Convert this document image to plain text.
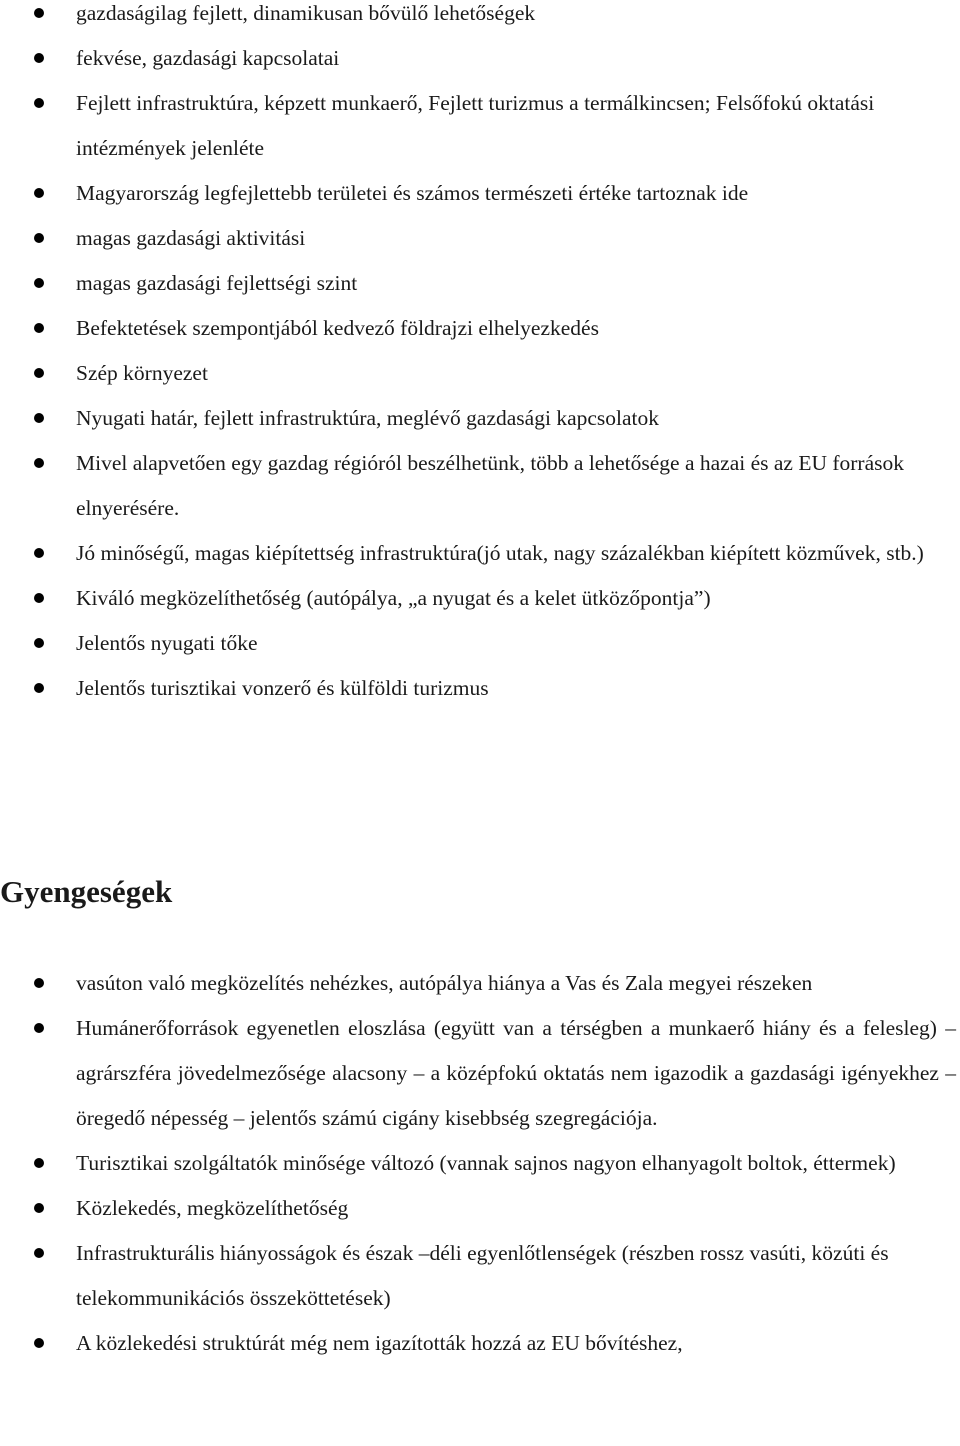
gazdaságilag fejlett, dinamikusan bővülő lehetőségek
fekvése, gazdasági kapcsolatai
Fejlett infrastruktúra, képzett munkaerő, Fejlett turizmus a termálkincsen; Felsőfokú oktatási intézmények jelenléte
Magyarország legfejlettebb területei és számos természeti értéke tartoznak ide
magas gazdasági aktivitási
magas gazdasági fejlettségi szint
Befektetések szempontjából kedvező földrajzi elhelyezkedés
Szép környezet
Nyugati határ, fejlett infrastruktúra, meglévő gazdasági kapcsolatok
Mivel alapvetően egy gazdag régióról beszélhetünk, több a lehetősége a hazai és az EU források elnyerésére.
Jó minőségű, magas kiépítettség infrastruktúra(jó utak, nagy százalékban kiépített közművek, stb.)
Kiváló megközelíthetőség (autópálya, „a nyugat és a kelet ütközőpontja”)
Jelentős nyugati tőke
Jelentős turisztikai vonzerő és külföldi turizmus
Gyengeségek
vasúton való megközelítés nehézkes, autópálya hiánya a Vas és Zala megyei részeken
Humánerőforrások egyenetlen eloszlása (együtt van a térségben a munkaerő hiány és a felesleg) – agrárszféra jövedelmezősége alacsony – a középfokú oktatás nem igazodik a gazdasági igényekhez – öregedő népesség – jelentős számú cigány kisebbség szegregációja.
Turisztikai szolgáltatók minősége változó (vannak sajnos nagyon elhanyagolt boltok, éttermek)
Közlekedés, megközelíthetőség
Infrastrukturális hiányosságok és észak –déli egyenlőtlenségek (részben rossz vasúti, közúti és telekommunikációs összeköttetések)
A közlekedési struktúrát még nem igazították hozzá az EU bővítéshez,
